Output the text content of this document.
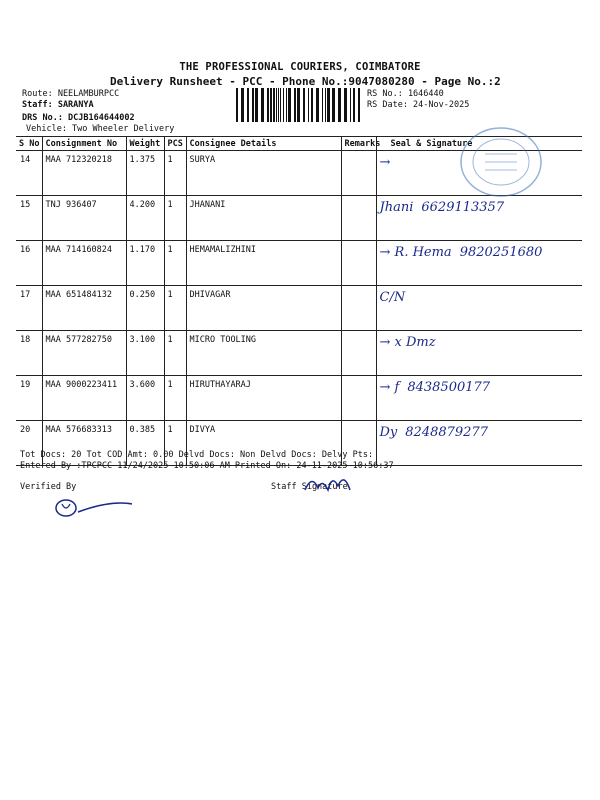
THE PROFESSIONAL COURIERS, COIMBATORE
Delivery Runsheet - PCC - Phone No.:9047080280 - Page No.:2
Route: NEELAMBURPCC
Staff: SARANYA
DRS No.: DCJB164644002
Vehicle: Two Wheeler Delivery
RS No.: 1646440
RS Date: 24-Nov-2025
S No	Consignment No	Weight	PCS	Consignee Details	Remarks	Seal & Signature
14	MAA 712320218	1.375	1	SURYA		→
15	TNJ 936407	4.200	1	JHANANI		Jhani 6629113357
16	MAA 714160824	1.170	1	HEMAMALIZHINI		→ R. Hema 9820251680
17	MAA 651484132	0.250	1	DHIVAGAR		C/N
18	MAA 577282750	3.100	1	MICRO TOOLING		→ x Dmz
19	MAA 9000223411	3.600	1	HIRUTHAYARAJ		→ f 8438500177
20	MAA 576683313	0.385	1	DIVYA		Dy 8248879277
Tot Docs: 20 Tot COD Amt: 0.00 Delvd Docs: Non Delvd Docs: Delvy Pts:
Entered By :TPCPCC 11/24/2025 10:50:06 AM Printed On: 24-11-2025 10:56:37
Verified By	Staff Signature
